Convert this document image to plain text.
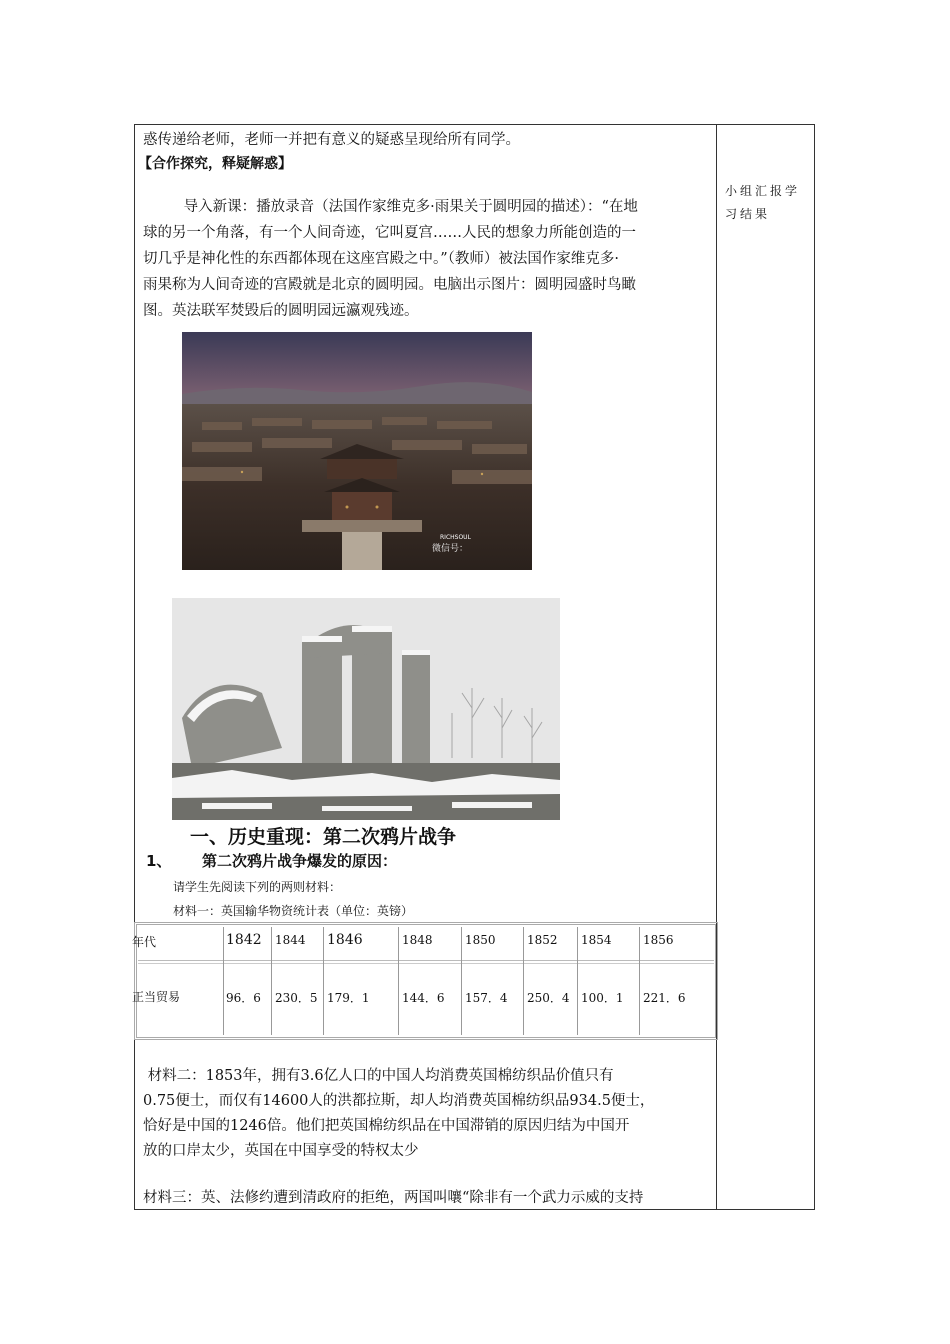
惑传递给老师，老师一并把有意义的疑惑呈现给所有同学。
【合作探究，释疑解惑】
导入新课：播放录音（法国作家维克多·雨果关于圆明园的描述）：“在地
球的另一个角落，有一个人间奇迹，它叫夏宫……人民的想象力所能创造的一
切几乎是神化性的东西都体现在这座宫殿之中。”（教师）被法国作家维克多·
雨果称为人间奇迹的宫殿就是北京的圆明园。电脑出示图片：圆明园盛时鸟瞰
图。英法联军焚毁后的圆明园远瀛观残迹。
小组汇报学习结果
RICHSOUL
微信号：
一、历史重现：第二次鸦片战争
1、 第二次鸦片战争爆发的原因：
请学生先阅读下列的两则材料：
材料一：英国输华物资统计表（单位：英镑）
年代	1842 1844 1846	1848	1850	1852 1854	1856
正当贸易	96．6 230．5 179．1	144．6 157．4 250．4 100．1 221．6
材料二：1853年，拥有3.6亿人口的中国人均消费英国棉纺织品价值只有
0.75便士，而仅有14600人的洪都拉斯，却人均消费英国棉纺织品934.5便士，
恰好是中国的1246倍。他们把英国棉纺织品在中国滞销的原因归结为中国开
放的口岸太少，英国在中国享受的特权太少
材料三：英、法修约遭到清政府的拒绝，两国叫嚷“除非有一个武力示威的支持
